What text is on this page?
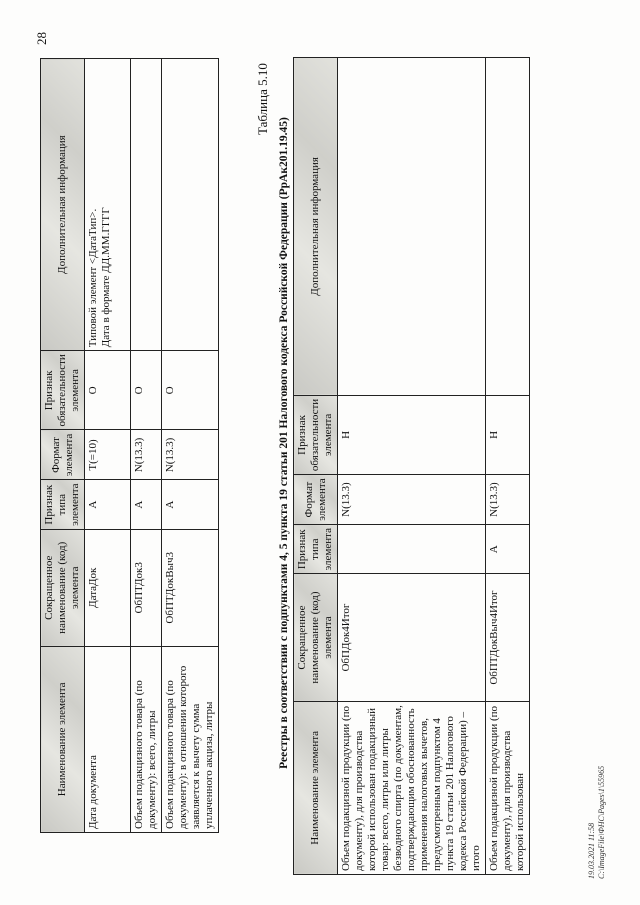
28
Наименование элемента	Сокращенное наименование (код) элемента	Признак типа элемента	Формат элемента	Признак обязательности элемента	Дополнительная информация
Дата документа	ДатаДок	А	T(=10)	О	Типовой элемент <ДатаТип>.
Дата в формате ДД.ММ.ГГГГ
Объем подакцизного товара (по документу): всего, литры	ОбПТДок3	А	N(13.3)	О	
Объем подакцизного товара (по документу): в отношении которого заявляется к вычету сумма уплаченного акциза, литры	ОбПТДокВыч3	А	N(13.3)	О	
Таблица 5.10
Реестры в соответствии с подпунктами 4, 5 пункта 19 статьи 201 Налогового кодекса Российской Федерации (РрАк201.19.45)
Наименование элемента	Сокращенное наименование (код) элемента	Признак типа элемента	Формат элемента	Признак обязательности элемента	Дополнительная информация
Объем подакцизной продукции (по документу), для производства которой использован подакцизный товар: всего, литры или литры безводного спирта (по документам, подтверждающим обоснованность применения налоговых вычетов, предусмотренным подпунктом 4 пункта 19 статьи 201 Налогового кодекса Российской Федерации) – итого	ОбПДок4Итог		N(13.3)	Н	
Объем подакцизной продукции (по документу), для производства которой использован	ОбПТДокВыч4Итог	А	N(13.3)	Н	
19.03.2021 11:58 С:\ImageFile\ФНС\Pages\1\55965
